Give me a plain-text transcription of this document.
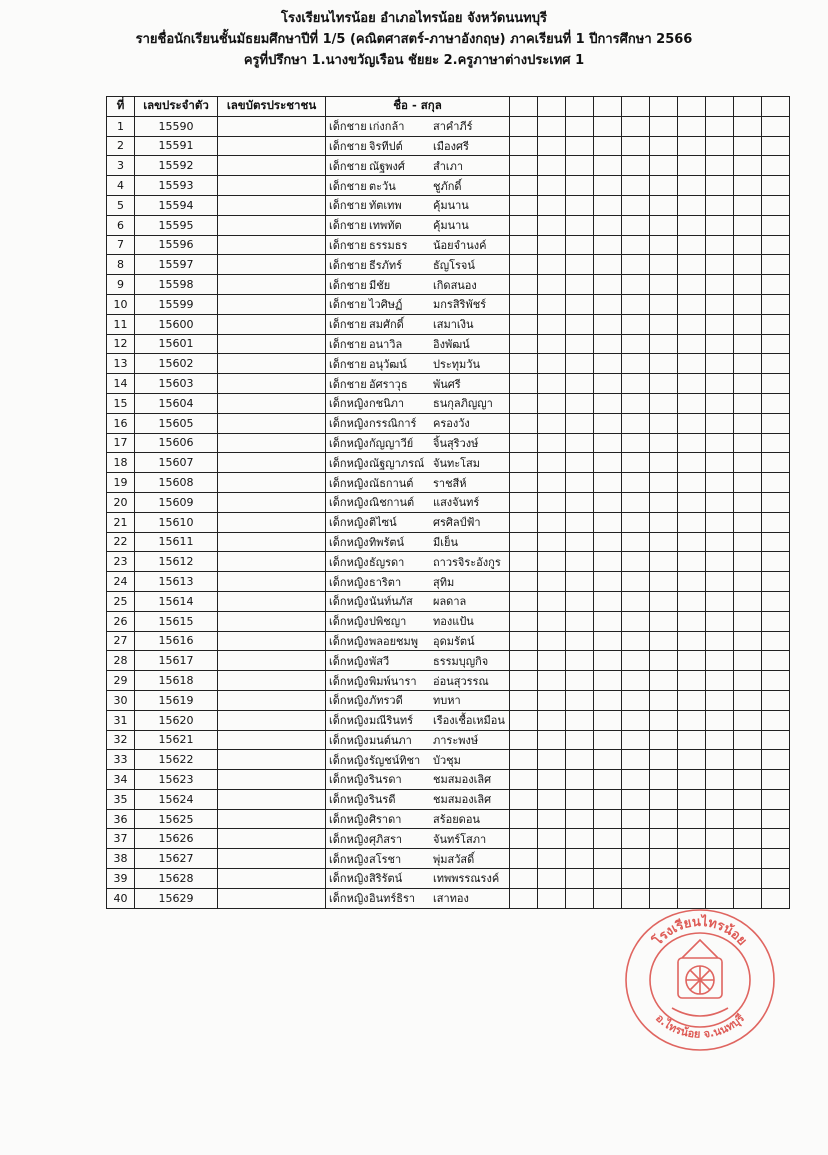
โรงเรียนไทรน้อย อำเภอไทรน้อย จังหวัดนนทบุรี
รายชื่อนักเรียนชั้นมัธยมศึกษาปีที่ 1/5 (คณิตศาสตร์-ภาษาอังกฤษ) ภาคเรียนที่ 1 ปีการศึกษา 2566
ครูที่ปรึกษา 1.นางขวัญเรือน ชัยยะ 2.ครูภาษาต่างประเทศ 1
ที่	เลขประจำตัว	เลขบัตรประชาชน	ชื่อ - สกุล										
1	15590		เด็กชาย เก่งกล้า สาคำภีร์										
2	15591		เด็กชาย จิรทีปต์ เมืองศรี										
3	15592		เด็กชาย ณัฐพงศ์ สำเภา										
4	15593		เด็กชาย ตะวัน ชูภักดิ์										
5	15594		เด็กชาย ทัตเทพ คุ้มนาน										
6	15595		เด็กชาย เทพทัต คุ้มนาน										
7	15596		เด็กชาย ธรรมธร น้อยจำนงค์										
8	15597		เด็กชาย ธีรภัทร์ ธัญโรจน์										
9	15598		เด็กชาย มีชัย เกิดสนอง										
10	15599		เด็กชาย ไวศิษฏ์ มกรสิริพัชร์										
11	15600		เด็กชาย สมศักดิ์ เสมาเงิน										
12	15601		เด็กชาย อนาวิล อิงพัฒน์										
13	15602		เด็กชาย อนุวัฒน์ ประทุมวัน										
14	15603		เด็กชาย อัศราวุธ พันศรี										
15	15604		เด็กหญิงกชนิภา ธนกุลภิญญา										
16	15605		เด็กหญิงกรรณิการ์ ครองวัง										
17	15606		เด็กหญิงกัญญาวีย์ จิ้นสุริวงษ์										
18	15607		เด็กหญิงณัฐญาภรณ์ จันทะโสม										
19	15608		เด็กหญิงณัธกานต์ ราชสีห์										
20	15609		เด็กหญิงณิชกานต์ แสงจันทร์										
21	15610		เด็กหญิงติไซน์ ศรศิลป์ฟ้า										
22	15611		เด็กหญิงทิพรัตน์ มีเย็น										
23	15612		เด็กหญิงธัญรดา ถาวรจิระอังกูร										
24	15613		เด็กหญิงธาริตา สุทิม										
25	15614		เด็กหญิงนันท์นภัส ผลดาล										
26	15615		เด็กหญิงปพิชญา ทองแป้น										
27	15616		เด็กหญิงพลอยชมพู อุดมรัตน์										
28	15617		เด็กหญิงพัสวี ธรรมบุญกิจ										
29	15618		เด็กหญิงพิมพ์นารา อ่อนสุวรรณ										
30	15619		เด็กหญิงภัทรวดี ทบหา										
31	15620		เด็กหญิงมณีรินทร์ เรืองเชื้อเหมือน										
32	15621		เด็กหญิงมนต์นภา ภาระพงษ์										
33	15622		เด็กหญิงรัญชน์ทิชา บัวชุม										
34	15623		เด็กหญิงรินรดา ชมสมองเลิศ										
35	15624		เด็กหญิงรินรดี ชมสมองเลิศ										
36	15625		เด็กหญิงศิราดา สร้อยดอน										
37	15626		เด็กหญิงศุภิสรา จันทร์โสภา										
38	15627		เด็กหญิงสโรชา พุ่มสวัสดิ์										
39	15628		เด็กหญิงสิริรัตน์ เทพพรรณรงค์										
40	15629		เด็กหญิงอินทร์ธิรา เสาทอง										
โรงเรียนไทรน้อย
อ.ไทรน้อย จ.นนทบุรี
